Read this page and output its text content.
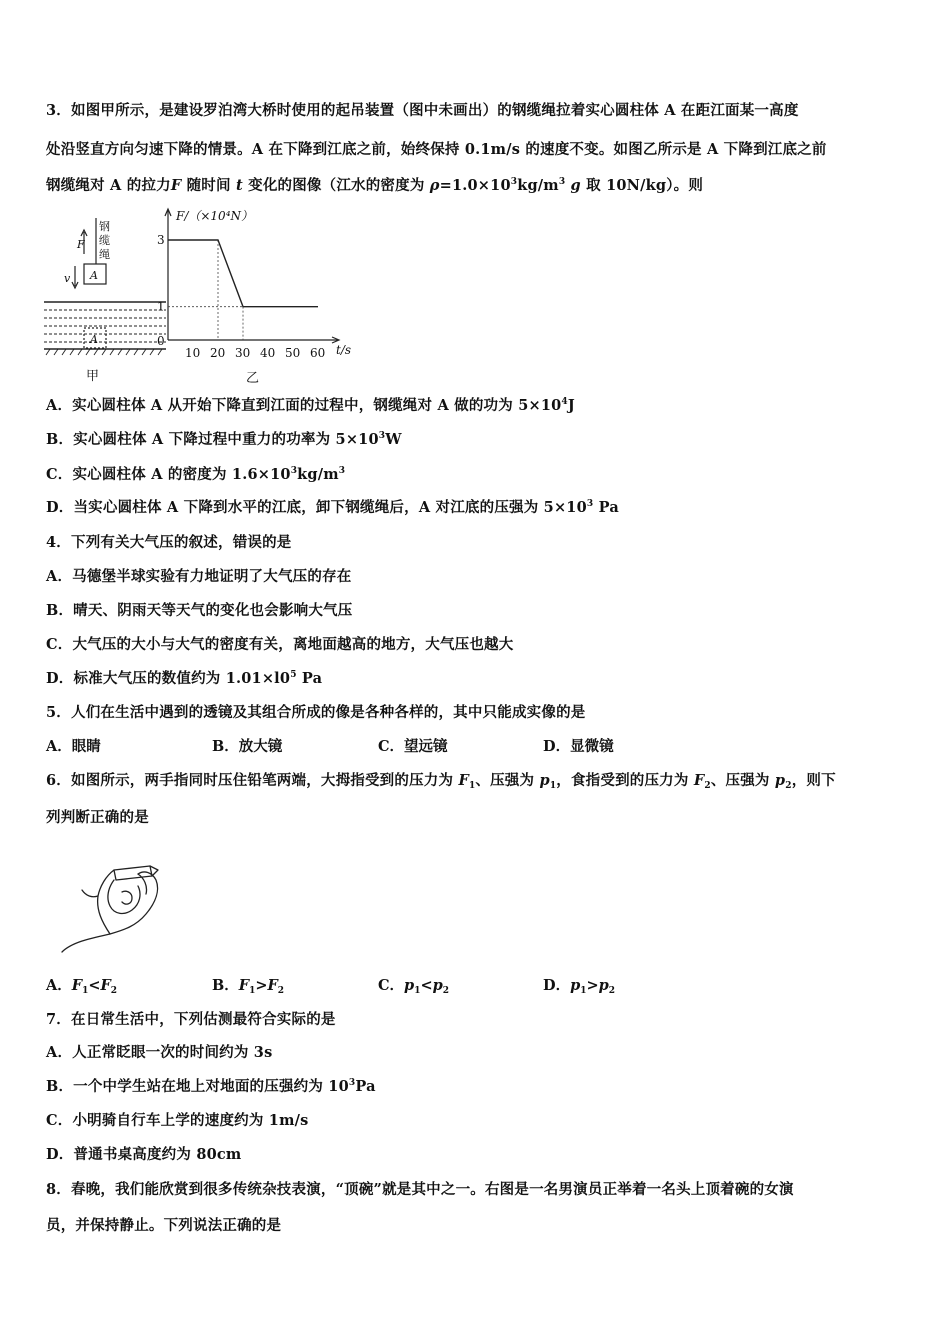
3．如图甲所示，是建设罗泊湾大桥时使用的起吊装置（图中未画出）的钢缆绳拉着实心圆柱体 A 在距江面某一高度
处沿竖直方向匀速下降的情景。A 在下降到江底之前，始终保持 0.1m/s 的速度不变。如图乙所示是 A 下降到江底之前
钢缆绳对 A 的拉力F 随时间 t 变化的图像（江水的密度为 $\rho=1.0\times 10^3kg/m^3$ g 取 10N/kg）。则
钢
缆
绳
F
v A
A
甲
10 20 30 40 50 60
0
1
3
F/（×10⁴N）
t/s
乙
A．实心圆柱体 A 从开始下降直到江面的过程中，钢缆绳对 A 做的功为 $5\times 10^4J$
B．实心圆柱体 A 下降过程中重力的功率为 $5\times 10^3W$
C．实心圆柱体 A 的密度为 $1.6\times 10^3kg/m^3$
D．当实心圆柱体 A 下降到水平的江底，卸下钢缆绳后，A 对江底的压强为 $5\times 10^3$ Pa
4．下列有关大气压的叙述，错误的是
A．马德堡半球实验有力地证明了大气压的存在
B．晴天、阴雨天等天气的变化也会影响大气压
C．大气压的大小与大气的密度有关，离地面越高的地方，大气压也越大
D．标准大气压的数值约为 $1.01\times l0^5$ Pa
5．人们在生活中遇到的透镜及其组合所成的像是各种各样的，其中只能成实像的是
A．眼睛	B．放大镜	C．望远镜	D．显微镜
6．如图所示，两手指同时压住铅笔两端，大拇指受到的压力为 $F_1$、压强为 $p_1$，食指受到的压力为 $F_2$、压强为 $p_2$，则下
列判断正确的是
A．$F_1<F_2$	B．$F_1>F_2$	C．$p_1<p_2$	D．$p_1>p_2$
7．在日常生活中，下列估测最符合实际的是
A．人正常眨眼一次的时间约为 3s
B．一个中学生站在地上对地面的压强约为 $10^3Pa$
C．小明骑自行车上学的速度约为 1m/s
D．普通书桌高度约为 80cm
8．春晚，我们能欣赏到很多传统杂技表演，“顶碗”就是其中之一。右图是一名男演员正举着一名头上顶着碗的女演
员，并保持静止。下列说法正确的是
